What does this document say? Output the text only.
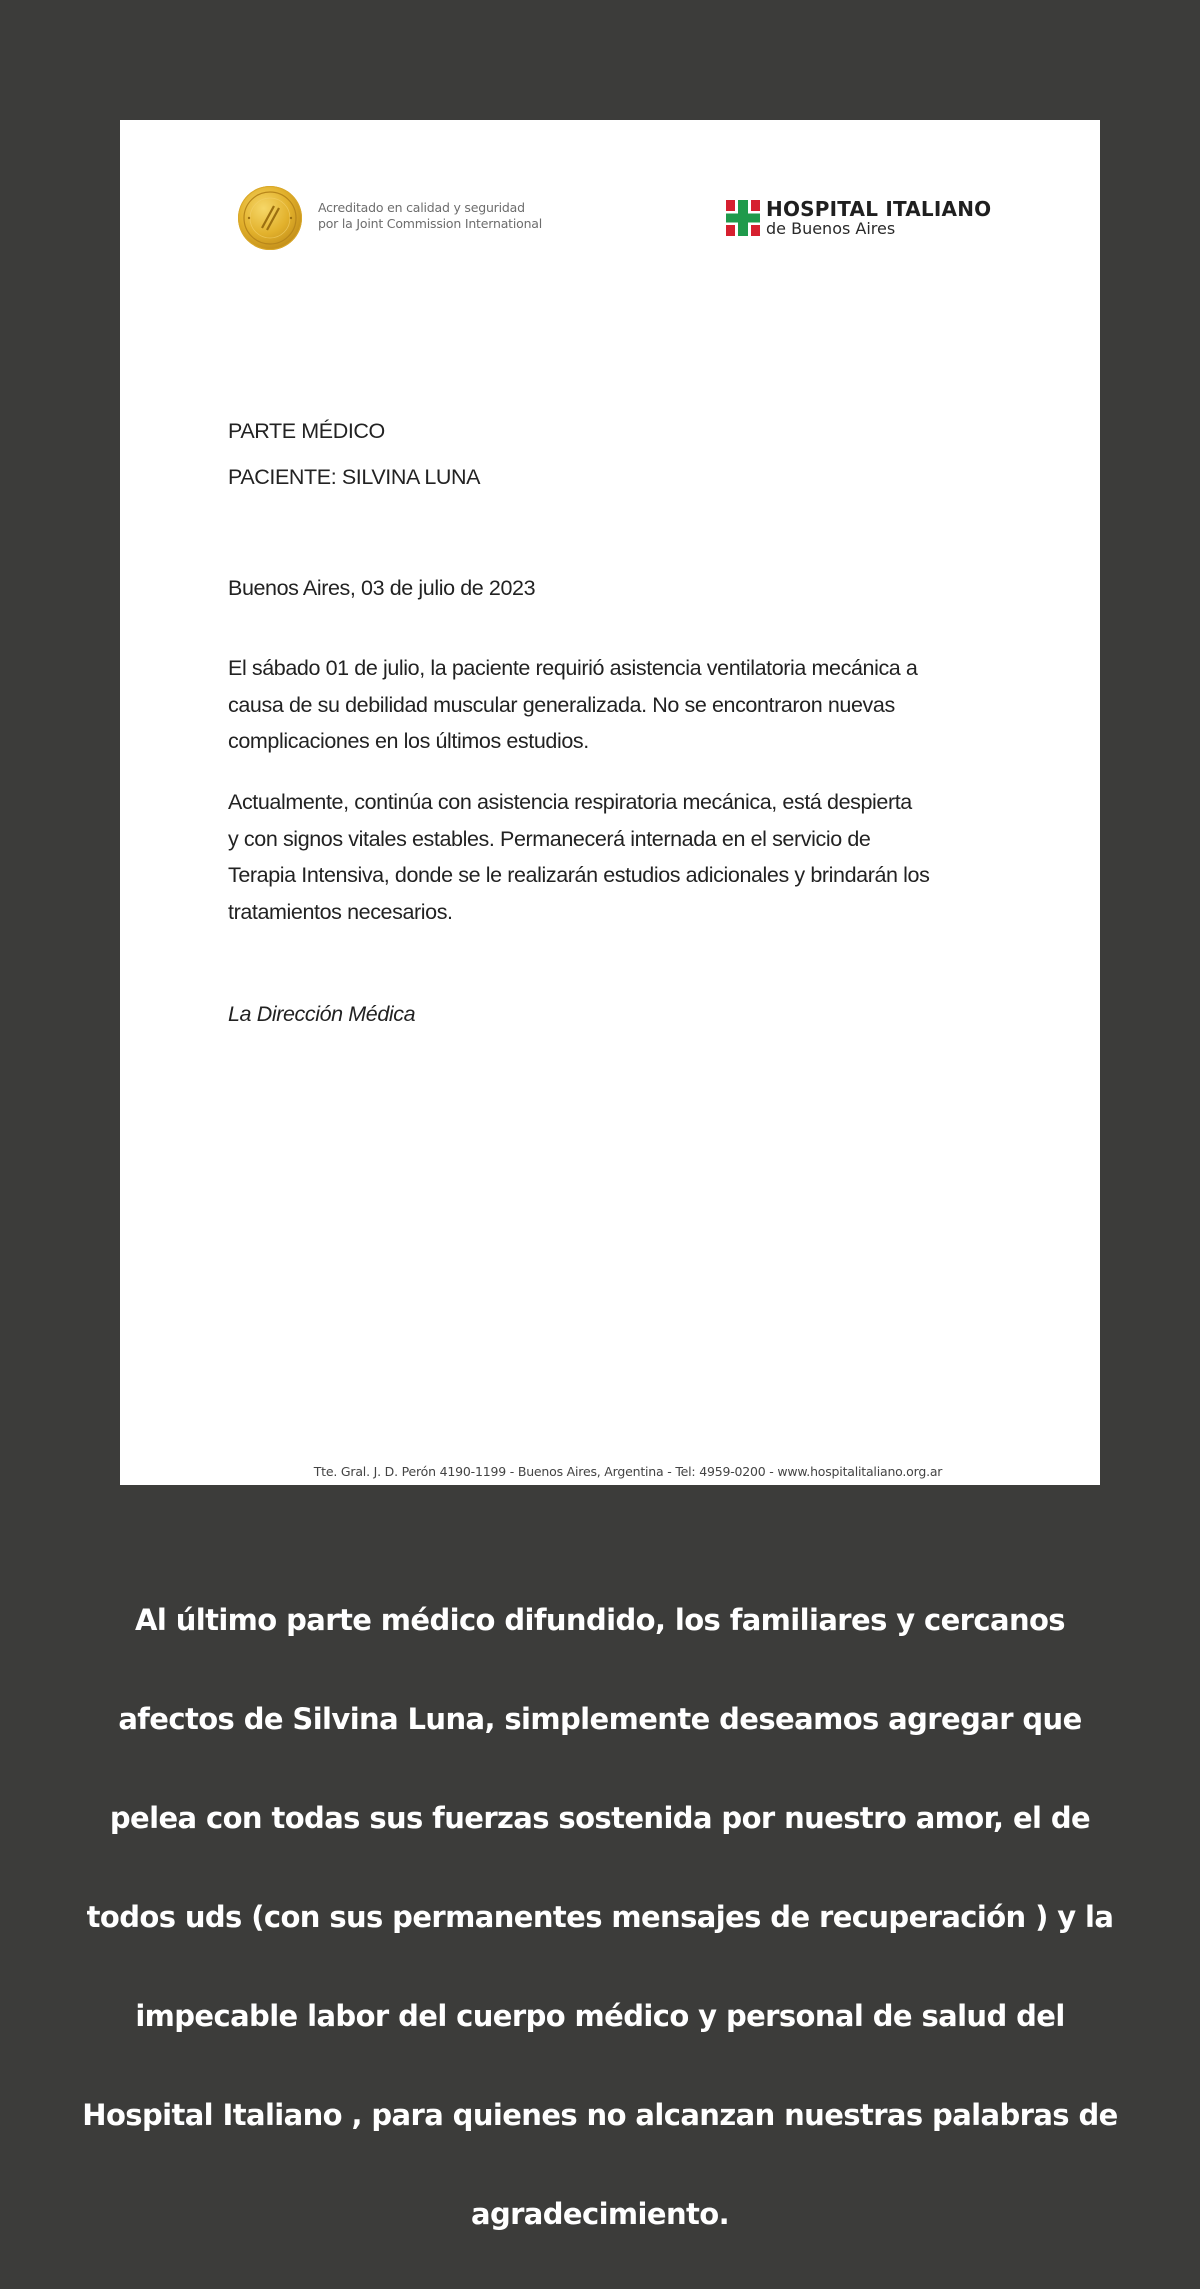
Acreditado en calidad y seguridad
por la Joint Commission International
HOSPITAL ITALIANO
de Buenos Aires
PARTE MÉDICO
PACIENTE: SILVINA LUNA
Buenos Aires, 03 de julio de 2023
El sábado 01 de julio, la paciente requirió asistencia ventilatoria mecánica a
causa de su debilidad muscular generalizada. No se encontraron nuevas
complicaciones en los últimos estudios.
Actualmente, continúa con asistencia respiratoria mecánica, está despierta
y con signos vitales estables. Permanecerá internada en el servicio de
Terapia Intensiva, donde se le realizarán estudios adicionales y brindarán los
tratamientos necesarios.
La Dirección Médica
Tte. Gral. J. D. Perón 4190-1199 - Buenos Aires, Argentina - Tel: 4959-0200 - www.hospitalitaliano.org.ar

Al último parte médico difundido, los familiares y cercanos

afectos de Silvina Luna, simplemente deseamos agregar que

pelea con todas sus fuerzas sostenida por nuestro amor, el de

todos uds (con sus permanentes mensajes de recuperación ) y la

impecable labor del cuerpo médico y personal de salud del

Hospital Italiano , para quienes no alcanzan nuestras palabras de

agradecimiento.
